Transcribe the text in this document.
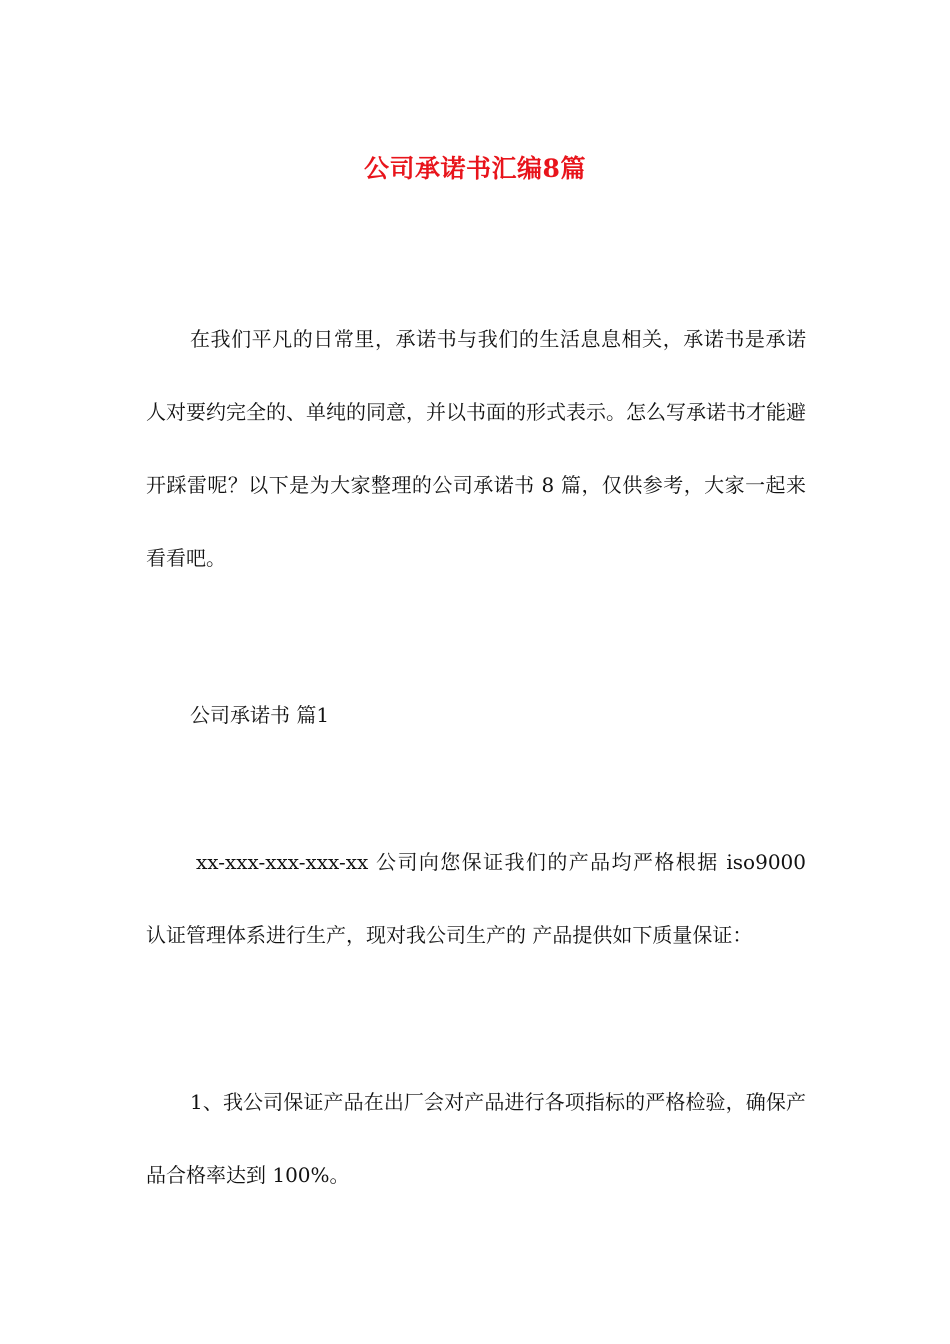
公司承诺书汇编8篇

在我们平凡的日常里，承诺书与我们的生活息息相关，承诺书是承诺人对要约完全的、单纯的同意，并以书面的形式表示。怎么写承诺书才能避开踩雷呢？以下是为大家整理的公司承诺书 8 篇，仅供参考，大家一起来看看吧。

公司承诺书 篇1

xx-xxx-xxx-xxx-xx 公司向您保证我们的产品均严格根据 iso9000 认证管理体系进行生产，现对我公司生产的 产品提供如下质量保证：

1、我公司保证产品在出厂会对产品进行各项指标的严格检验，确保产品合格率达到 100%。
